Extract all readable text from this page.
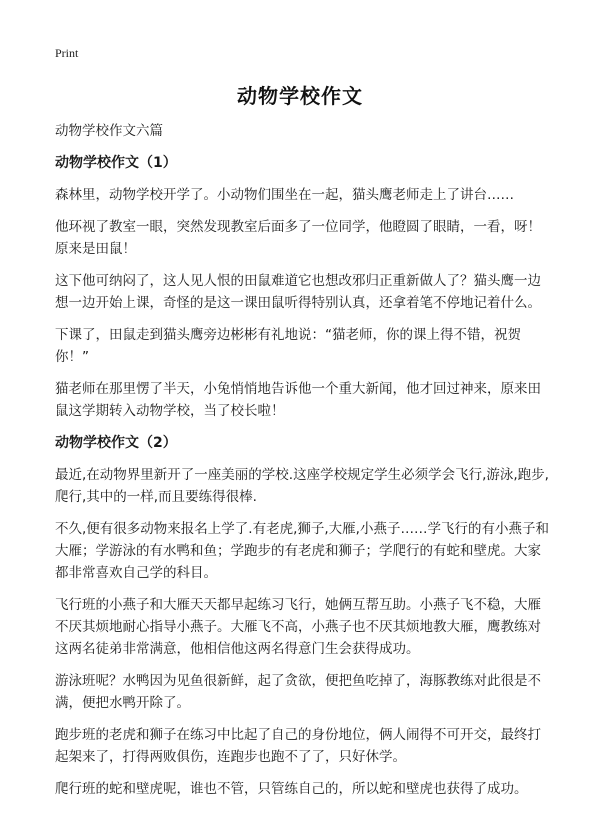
Print
动物学校作文

动物学校作文六篇

动物学校作文（1）

森林里，动物学校开学了。小动物们围坐在一起，猫头鹰老师走上了讲台……

他环视了教室一眼，突然发现教室后面多了一位同学，他瞪圆了眼睛，一看，呀！原来是田鼠！

这下他可纳闷了，这人见人恨的田鼠难道它也想改邪归正重新做人了？猫头鹰一边想一边开始上课，奇怪的是这一课田鼠听得特别认真，还拿着笔不停地记着什么。

下课了，田鼠走到猫头鹰旁边彬彬有礼地说：“猫老师，你的课上得不错，祝贺你！”

猫老师在那里愣了半天，小兔悄悄地告诉他一个重大新闻，他才回过神来，原来田鼠这学期转入动物学校，当了校长啦！

动物学校作文（2）

最近,在动物界里新开了一座美丽的学校.这座学校规定学生必须学会飞行,游泳,跑步,爬行,其中的一样,而且要练得很棒.

不久,便有很多动物来报名上学了.有老虎,狮子,大雁,小燕子……学飞行的有小燕子和大雁；学游泳的有水鸭和鱼；学跑步的有老虎和狮子；学爬行的有蛇和壁虎。大家都非常喜欢自己学的科目。

飞行班的小燕子和大雁天天都早起练习飞行，她俩互帮互助。小燕子飞不稳，大雁不厌其烦地耐心指导小燕子。大雁飞不高，小燕子也不厌其烦地教大雁，鹰教练对这两名徒弟非常满意，他相信他这两名得意门生会获得成功。

游泳班呢？水鸭因为见鱼很新鲜，起了贪欲，便把鱼吃掉了，海豚教练对此很是不满，便把水鸭开除了。

跑步班的老虎和狮子在练习中比起了自己的身份地位，俩人闹得不可开交，最终打起架来了，打得两败俱伤，连跑步也跑不了了，只好休学。

爬行班的蛇和壁虎呢，谁也不管，只管练自己的，所以蛇和壁虎也获得了成功。
